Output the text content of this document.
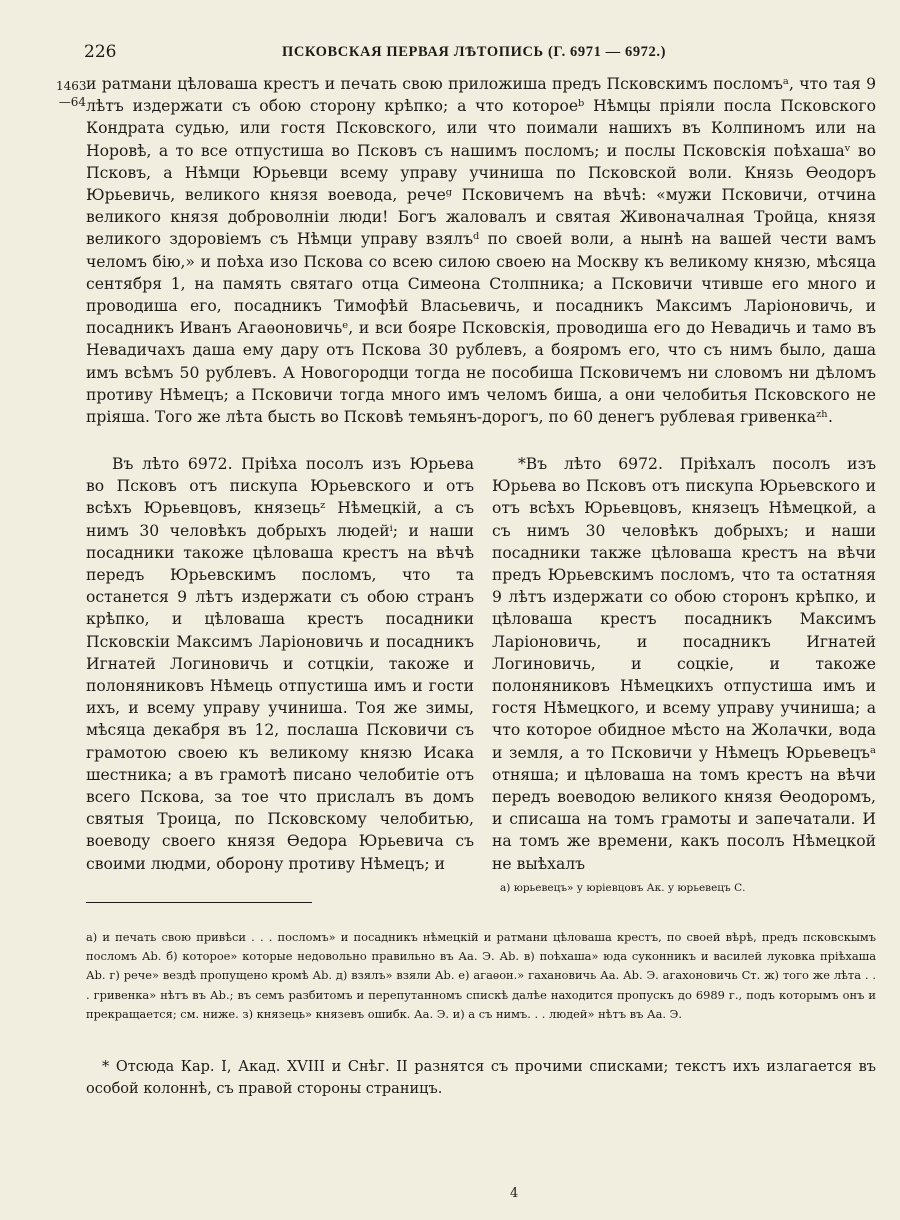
226	ПСКОВСКАЯ ПЕРВАЯ ЛѢТОПИСЬ (Г. 6971 — 6972.)
1463 —64
и ратмани цѣловаша крестъ и печать свою приложиша предъ Псковскимъ посломъᵃ, что тая 9 лѣтъ издержати съ обою сторону крѣпко; а что котороеᵇ Нѣмцы прiяли посла Псковского Кондрата судью, или гостя Псковского, или что поимали нашихъ въ Колпиномъ или на Норовѣ, а то все отпустиша во Псковъ съ нашимъ посломъ; и послы Псковскiя поѣхашаᵛ во Псковъ, а Нѣмци Юрьевци всему управу учиниша по Псковской воли. Князь Ѳеодоръ Юрьевичь, великого князя воевода, речеᵍ Псковичемъ на вѣчѣ: «мужи Псковичи, отчина великого князя доброволнiи люди! Богъ жаловалъ и святая Живоначалная Тройца, князя великого здоровiемъ съ Нѣмци управу взялъᵈ по своей воли, а нынѣ на вашей чести вамъ челомъ бiю,» и поѣха изо Пскова со всею силою своею на Москву къ великому князю, мѣсяца сентября 1, на память святаго отца Симеона Столпника; а Псковичи чтивше его много и проводиша его, посадникъ Тимофѣй Власьевичь, и посадникъ Максимъ Ларiоновичь, и посадникъ Иванъ Агаѳоновичьᵉ, и вси бояре Псковскiя, проводиша его до Невадичь и тамо въ Невадичахъ даша ему дару отъ Пскова 30 рублевъ, а бояромъ его, что съ нимъ было, даша имъ всѣмъ 50 рублевъ. А Новогородци тогда не пособиша Псковичемъ ни словомъ ни дѣломъ противу Нѣмецъ; а Псковичи тогда много имъ челомъ биша, а они челобитья Псковского не прiяша. Того же лѣта бысть во Псковѣ темьянъ-дорогъ, по 60 денегъ рублевая гривенкаᶻʰ.

Въ лѣто 6972. Прiѣха посолъ изъ Юрьева во Псковъ отъ пискупа Юрьевского и отъ всѣхъ Юрьевцовъ, князецьᶻ Нѣмецкiй, а съ нимъ 30 человѣкъ добрыхъ людейⁱ; и наши посадники такоже цѣловаша крестъ на вѣчѣ передъ Юрьевскимъ посломъ, что та останется 9 лѣтъ издержати съ обою странъ крѣпко, и цѣловаша крестъ посадники Псковскiи Максимъ Ларiоновичь и посадникъ Игнатей Логиновичь и сотцкiи, такоже и полоняниковъ Нѣмець отпустиша имъ и гости ихъ, и всему управу учиниша. Тоя же зимы, мѣсяца декабря въ 12, послаша Псковичи съ грамотою своею къ великому князю Исака шестника; а въ грамотѣ писано челобитiе отъ всего Пскова, за тое что прислалъ въ домъ святыя Троица, по Псковскому челобитью, воеводу своего князя Ѳедора Юрьевича съ своими людми, оборону противу Нѣмецъ; и

*Въ лѣто 6972. Прiѣхалъ посолъ изъ Юрьева во Псковъ отъ пискупа Юрьевского и отъ всѣхъ Юрьевцовъ, князецъ Нѣмецкой, а съ нимъ 30 человѣкъ добрыхъ; и наши посадники также цѣловаша крестъ на вѣчи предъ Юрьевскимъ посломъ, что та остатняя 9 лѣтъ издержати со обою сторонъ крѣпко, и цѣловаша крестъ посадникъ Максимъ Ларiоновичь, и посадникъ Игнатей Логиновичь, и соцкiе, и такоже полоняниковъ Нѣмецкихъ отпустиша имъ и гостя Нѣмецкого, и всему управу учиниша; а что которое обидное мѣсто на Жолачки, вода и земля, а то Псковичи у Нѣмецъ Юрьевецъᵃ отняша; и цѣловаша на томъ крестъ на вѣчи передъ воеводою великого князя Ѳеодоромъ, и списаша на томъ грамоты и запечатали. И на томъ же времени, какъ посолъ Нѣмецкой не выѣхалъ

а) юрьевецъ» у юрiевцовъ Ак. у юрьевецъ С.

а) и печать свою привѣси . . . посломъ» и посадникъ нѣмецкiй и ратмани цѣловаша крестъ, по своей вѣрѣ, предъ псковскымъ посломъ Аb. б) которое» которые недовольно правильно въ Аа. Э. Аb. в) поѣхаша» юда суконникъ и василей луковка прiѣхаша Аb. г) рече» вездѣ пропущено кромѣ Аb. д) взялъ» взяли Аb. е) агаѳон.» гахановичь Аа. Аb. Э. агахоновичь Ст. ж) того же лѣта . . . гривенка» нѣтъ въ Аb.; въ семъ разбитомъ и перепутанномъ спискѣ далѣе находится пропускъ до 6989 г., подъ которымъ онъ и прекращается; см. ниже. з) князець» князевъ ошибк. Аа. Э. и) а съ нимъ. . . людей» нѣтъ въ Аа. Э.
* Отсюда Кар. I, Акад. XVIII и Снѣг. II разнятся съ прочими списками; текстъ ихъ излагается въ особой колоннѣ, съ правой стороны страницъ.
4
